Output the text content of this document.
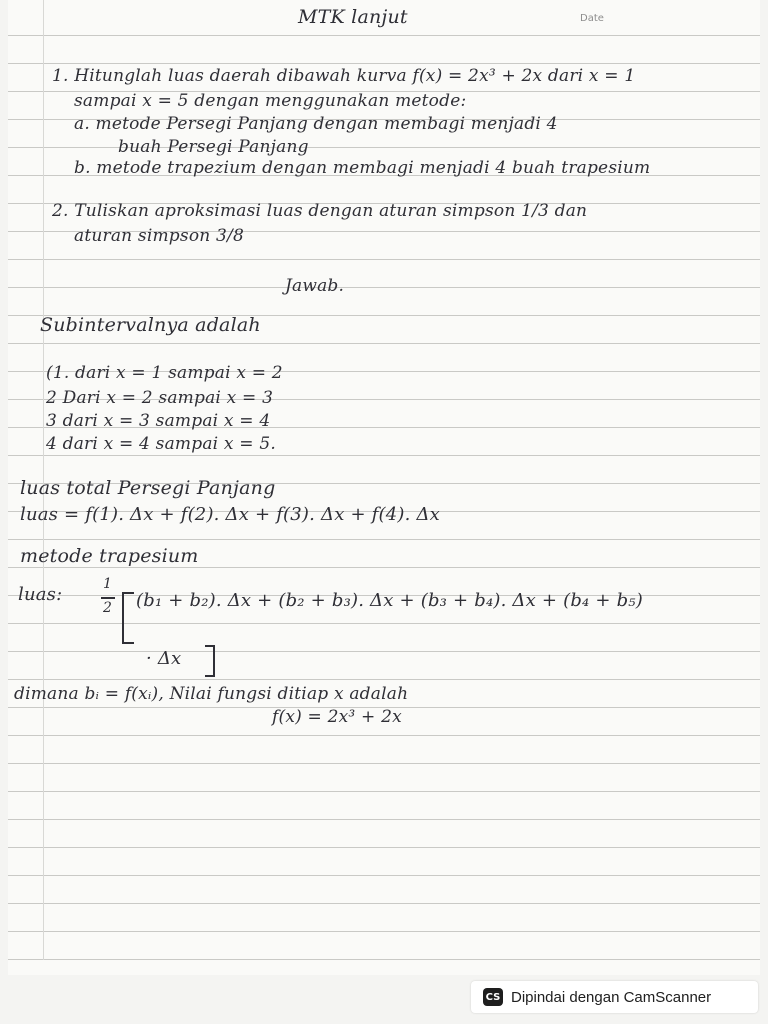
Date
MTK lanjut
1. Hitunglah luas daerah dibawah kurva f(x) = 2x³ + 2x dari x = 1
sampai x = 5 dengan menggunakan metode:
a. metode Persegi Panjang dengan membagi menjadi 4
buah Persegi Panjang
b. metode trapezium dengan membagi menjadi 4 buah trapesium
2. Tuliskan aproksimasi luas dengan aturan simpson 1/3 dan
aturan simpson 3/8
Jawab.
Subintervalnya adalah
(1. dari x = 1 sampai x = 2
2 Dari x = 2 sampai x = 3
3 dari x = 3 sampai x = 4
4 dari x = 4 sampai x = 5.
luas total Persegi Panjang
luas = f(1). Δx + f(2). Δx + f(3). Δx + f(4). Δx
metode trapesium
luas:	1
2 (b₁ + b₂). Δx + (b₂ + b₃). Δx + (b₃ + b₄). Δx + (b₄ + b₅)
· Δx
dimana bᵢ = f(xᵢ), Nilai fungsi ditiap x adalah
f(x) = 2x³ + 2x
CS Dipindai dengan CamScanner
